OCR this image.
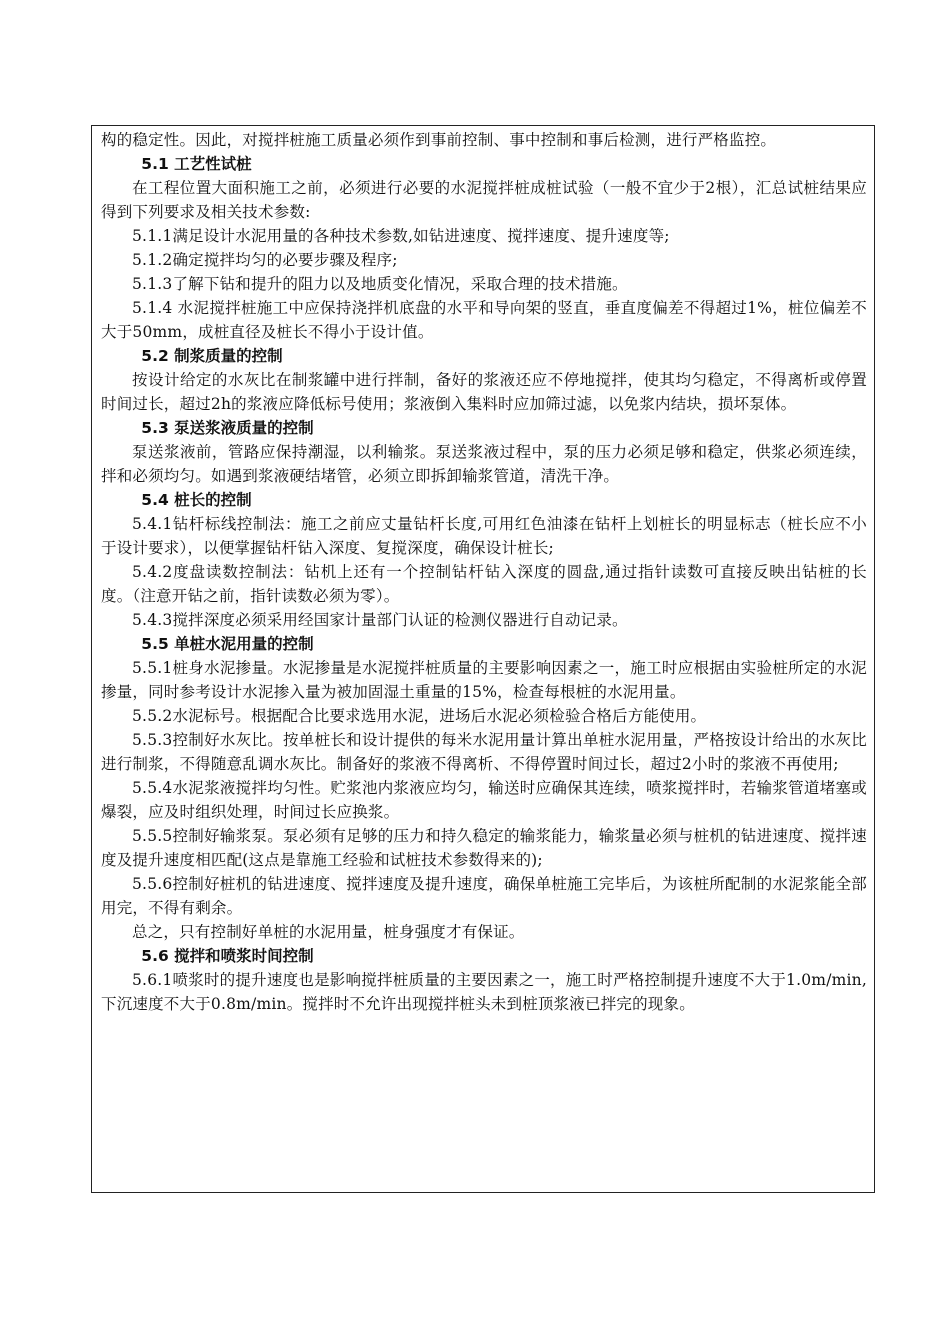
构的稳定性。因此，对搅拌桩施工质量必须作到事前控制、事中控制和事后检测，进行严格监控。

5.1 工艺性试桩

在工程位置大面积施工之前，必须进行必要的水泥搅拌桩成桩试验（一般不宜少于2根），汇总试桩结果应得到下列要求及相关技术参数:

5.1.1满足设计水泥用量的各种技术参数,如钻进速度、搅拌速度、提升速度等;

5.1.2确定搅拌均匀的必要步骤及程序;

5.1.3了解下钻和提升的阻力以及地质变化情况，采取合理的技术措施。

5.1.4 水泥搅拌桩施工中应保持浇拌机底盘的水平和导向架的竖直，垂直度偏差不得超过1%，桩位偏差不大于50mm，成桩直径及桩长不得小于设计值。

5.2 制浆质量的控制

按设计给定的水灰比在制浆罐中进行拌制，备好的浆液还应不停地搅拌，使其均匀稳定，不得离析或停置时间过长，超过2h的浆液应降低标号使用；浆液倒入集料时应加筛过滤，以免浆内结块，损坏泵体。

5.3 泵送浆液质量的控制

泵送浆液前，管路应保持潮湿，以利输浆。泵送浆液过程中，泵的压力必须足够和稳定，供浆必须连续，拌和必须均匀。如遇到浆液硬结堵管，必须立即拆卸输浆管道，清洗干净。

5.4 桩长的控制

5.4.1钻杆标线控制法：施工之前应丈量钻杆长度,可用红色油漆在钻杆上划桩长的明显标志（桩长应不小于设计要求），以便掌握钻杆钻入深度、复搅深度，确保设计桩长;

5.4.2度盘读数控制法：钻机上还有一个控制钻杆钻入深度的圆盘,通过指针读数可直接反映出钻桩的长度。（注意开钻之前，指针读数必须为零）。

5.4.3搅拌深度必须采用经国家计量部门认证的检测仪器进行自动记录。

5.5 单桩水泥用量的控制

5.5.1桩身水泥掺量。水泥掺量是水泥搅拌桩质量的主要影响因素之一，施工时应根据由实验桩所定的水泥掺量，同时参考设计水泥掺入量为被加固湿土重量的15%，检查每根桩的水泥用量。

5.5.2水泥标号。根据配合比要求选用水泥，进场后水泥必须检验合格后方能使用。

5.5.3控制好水灰比。按单桩长和设计提供的每米水泥用量计算出单桩水泥用量，严格按设计给出的水灰比进行制浆，不得随意乱调水灰比。制备好的浆液不得离析、不得停置时间过长，超过2小时的浆液不再使用;

5.5.4水泥浆液搅拌均匀性。贮浆池内浆液应均匀，输送时应确保其连续，喷浆搅拌时，若输浆管道堵塞或爆裂，应及时组织处理，时间过长应换浆。

5.5.5控制好输浆泵。泵必须有足够的压力和持久稳定的输浆能力，输浆量必须与桩机的钻进速度、搅拌速度及提升速度相匹配(这点是靠施工经验和试桩技术参数得来的);

5.5.6控制好桩机的钻进速度、搅拌速度及提升速度，确保单桩施工完毕后，为该桩所配制的水泥浆能全部用完，不得有剩余。

总之，只有控制好单桩的水泥用量，桩身强度才有保证。

5.6 搅拌和喷浆时间控制

5.6.1喷浆时的提升速度也是影响搅拌桩质量的主要因素之一，施工时严格控制提升速度不大于1.0m/min,下沉速度不大于0.8m/min。搅拌时不允许出现搅拌桩头未到桩顶浆液已拌完的现象。
